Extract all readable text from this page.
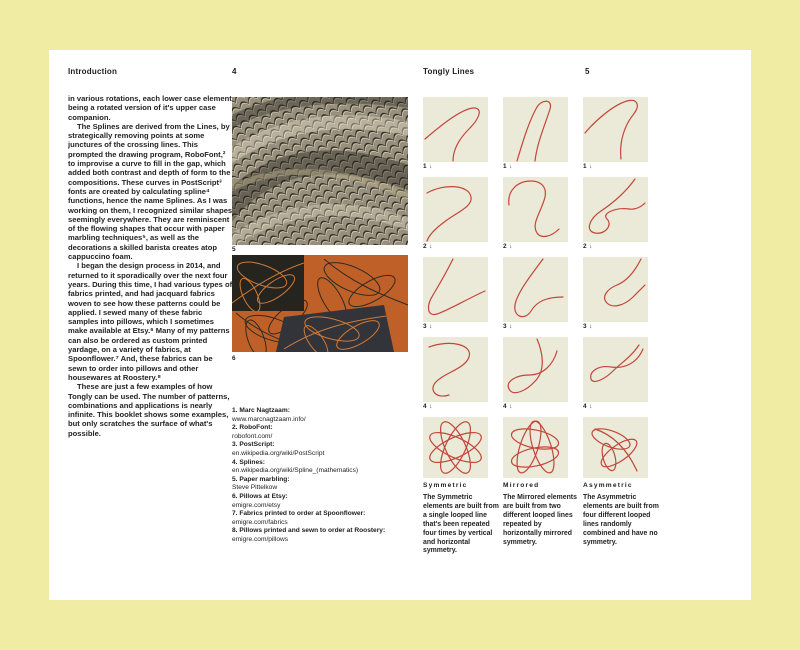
Introduction	4	Tongly Lines	5

in various rotations, each lower case element being a rotated version of it's upper case companion.

The Splines are derived from the Lines, by strategically removing points at some junctures of the crossing lines. This prompted the drawing program, RoboFont,² to improvise a curve to fill in the gap, which added both contrast and depth of form to the compositions. These curves in PostScript³ fonts are created by calculating spline⁴ functions, hence the name Splines. As I was working on them, I recognized similar shapes seemingly everywhere. They are reminiscent of the flowing shapes that occur with paper marbling techniques⁵, as well as the decorations a skilled barista creates atop cappuccino foam.

I began the design process in 2014, and returned to it sporadically over the next four years. During this time, I had various types of fabrics printed, and had jacquard fabrics woven to see how these patterns could be applied. I sewed many of these fabric samples into pillows, which I sometimes make available at Etsy.⁶ Many of my patterns can also be ordered as custom printed yardage, on a variety of fabrics, at Spoonflower.⁷ And, these fabrics can be sewn to order into pillows and other housewares at Roostery.⁸

These are just a few examples of how Tongly can be used. The number of patterns, combinations and applications is nearly infinite. This booklet shows some examples, but only scratches the surface of what's possible.

5
6
1. Marc Nagtzaam:
www.marcnagtzaam.info/
2. RoboFont:
robofont.com/
3. PostScript:
en.wikipedia.org/wiki/PostScript
4. Splines:
en.wikipedia.org/wiki/Spline_(mathematics)
5. Paper marbling:
Steve Pittelkow
6. Pillows at Etsy:
emigre.com/etsy
7. Fabrics printed to order at Spoonflower:
emigre.com/fabrics
8. Pillows printed and sewn to order at Roostery:
emigre.com/pillows
1 ↓	1 ↓	1 ↓
2 ↓	2 ↓	2 ↓
3 ↓	3 ↓	3 ↓
4 ↓	4 ↓	4 ↓
Symmetric	Mirrored	Asymmetric
The Symmetric elements are built from a single looped line that's been repeated four times by vertical and horizontal symmetry.
The Mirrored elements are built from two different looped lines repeated by horizontally mirrored symmetry.
The Asymmetric elements are built from four different looped lines randomly combined and have no symmetry.
